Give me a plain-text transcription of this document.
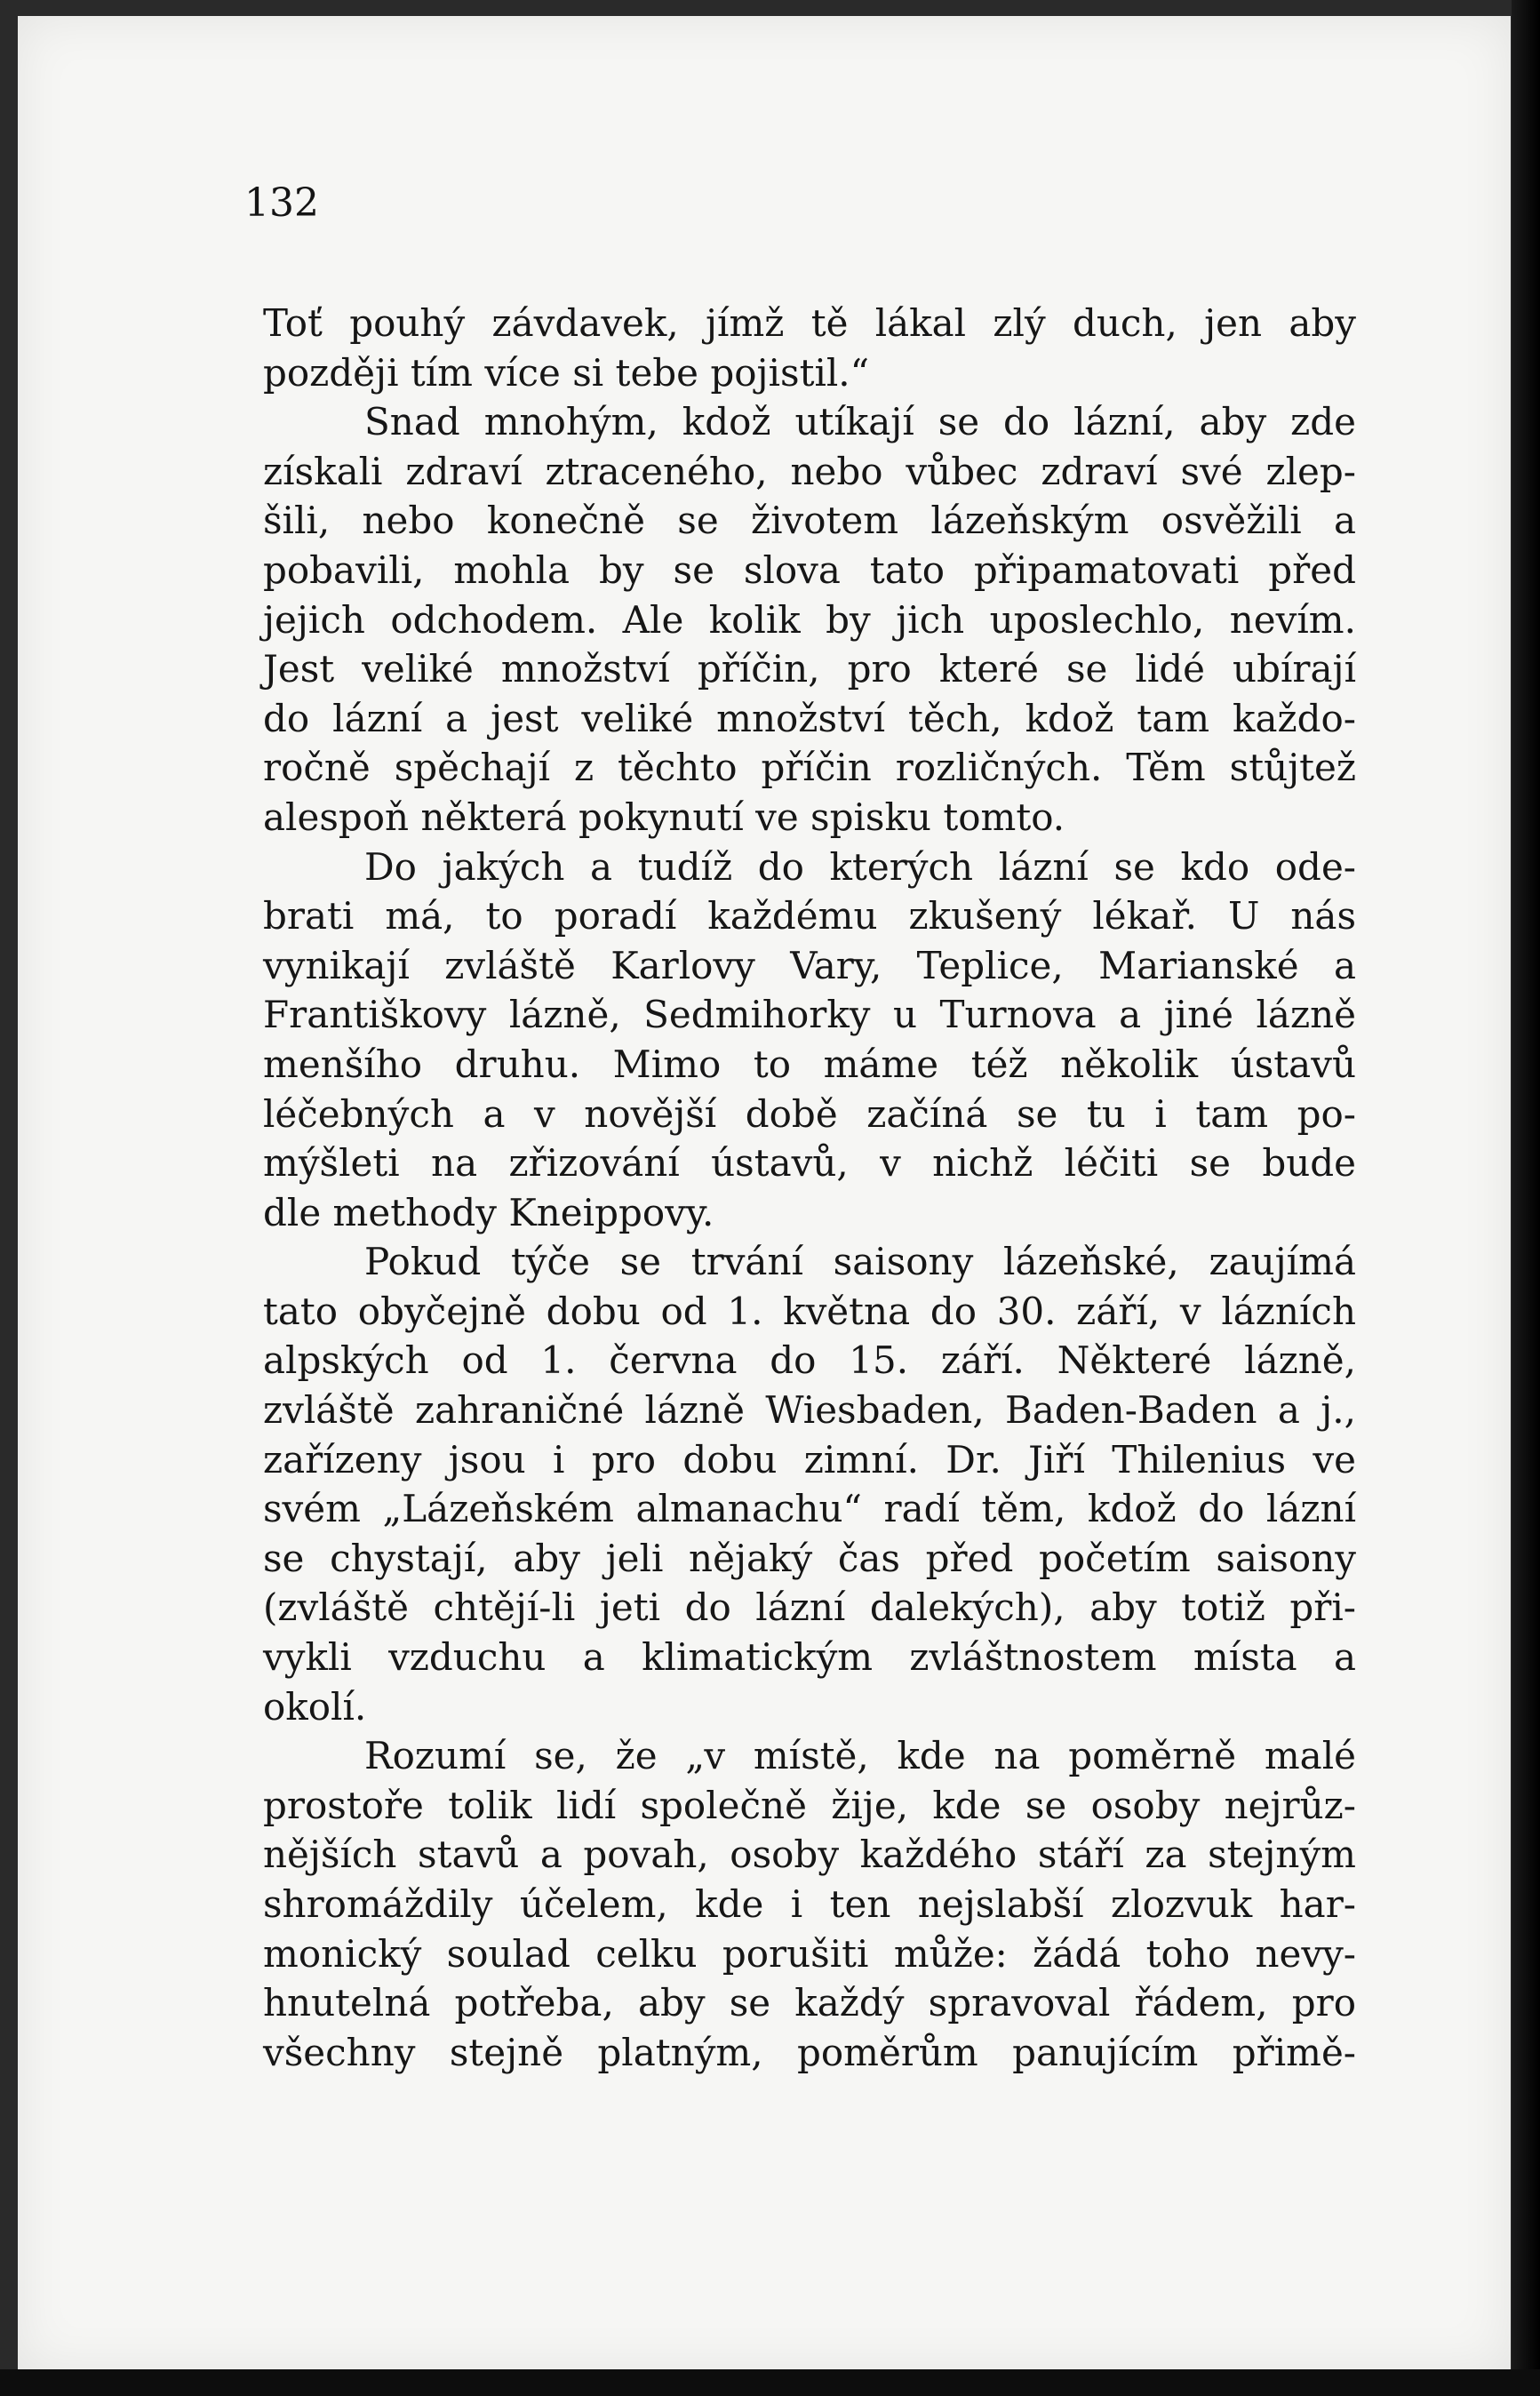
132

Toť pouhý závdavek, jímž tě lákal zlý duch, jen aby
později tím více si tebe pojistil.“
Snad mnohým, kdož utíkají se do lázní, aby zde
získali zdraví ztraceného, nebo vůbec zdraví své zlep-
šili, nebo konečně se životem lázeňským osvěžili a
pobavili, mohla by se slova tato připamatovati před
jejich odchodem. Ale kolik by jich uposlechlo, nevím.
Jest veliké množství příčin, pro které se lidé ubírají
do lázní a jest veliké množství těch, kdož tam každo-
ročně spěchají z těchto příčin rozličných. Těm stůjtež
alespoň některá pokynutí ve spisku tomto.
Do jakých a tudíž do kterých lázní se kdo ode-
brati má, to poradí každému zkušený lékař. U nás
vynikají zvláště Karlovy Vary, Teplice, Marianské a
Františkovy lázně, Sedmihorky u Turnova a jiné lázně
menšího druhu. Mimo to máme též několik ústavů
léčebných a v novější době začíná se tu i tam po-
mýšleti na zřizování ústavů, v nichž léčiti se bude
dle methody Kneippovy.
Pokud týče se trvání saisony lázeňské, zaujímá
tato obyčejně dobu od 1. května do 30. září, v lázních
alpských od 1. června do 15. září. Některé lázně,
zvláště zahraničné lázně Wiesbaden, Baden-Baden a j.,
zařízeny jsou i pro dobu zimní. Dr. Jiří Thilenius ve
svém „Lázeňském almanachu“ radí těm, kdož do lázní
se chystají, aby jeli nějaký čas před početím saisony
(zvláště chtějí-li jeti do lázní dalekých), aby totiž při-
vykli vzduchu a klimatickým zvláštnostem místa a
okolí.
Rozumí se, že „v místě, kde na poměrně malé
prostoře tolik lidí společně žije, kde se osoby nejrůz-
nějších stavů a povah, osoby každého stáří za stejným
shromáždily účelem, kde i ten nejslabší zlozvuk har-
monický soulad celku porušiti může: žádá toho nevy-
hnutelná potřeba, aby se každý spravoval řádem, pro
všechny stejně platným, poměrům panujícím přimě-
